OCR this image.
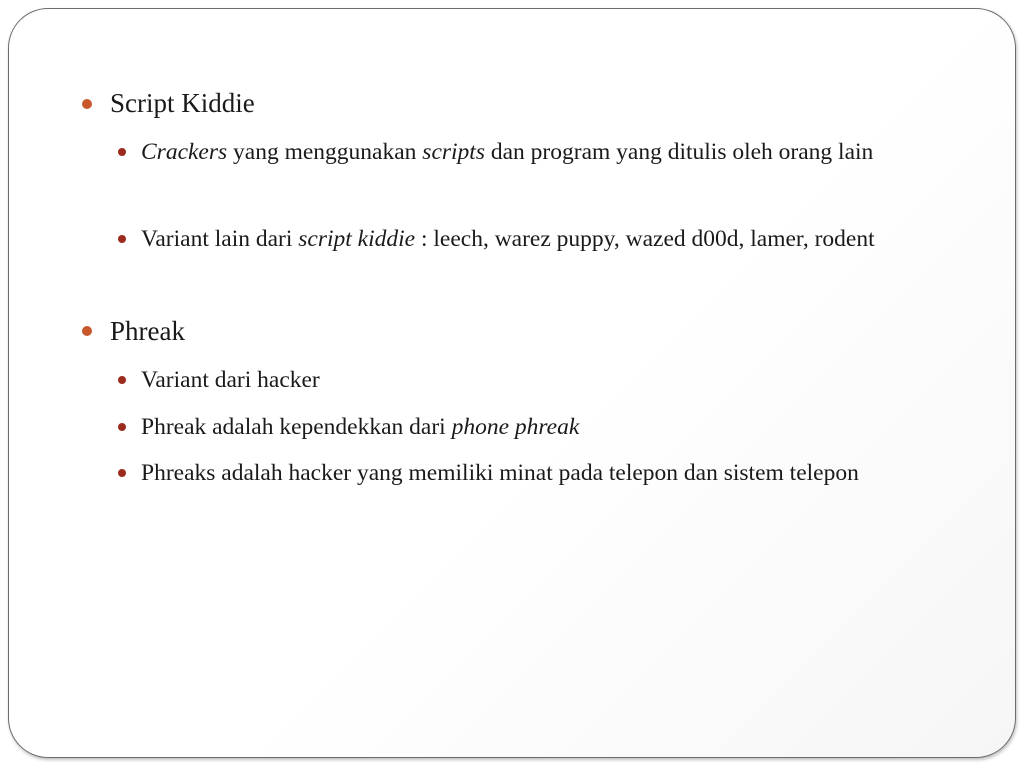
Script Kiddie
Crackers yang menggunakan scripts dan program yang ditulis oleh orang lain
Variant lain dari script kiddie : leech, warez puppy, wazed d00d, lamer, rodent
Phreak
Variant dari hacker
Phreak adalah kependekkan dari phone phreak
Phreaks adalah hacker yang memiliki minat pada telepon dan sistem telepon
